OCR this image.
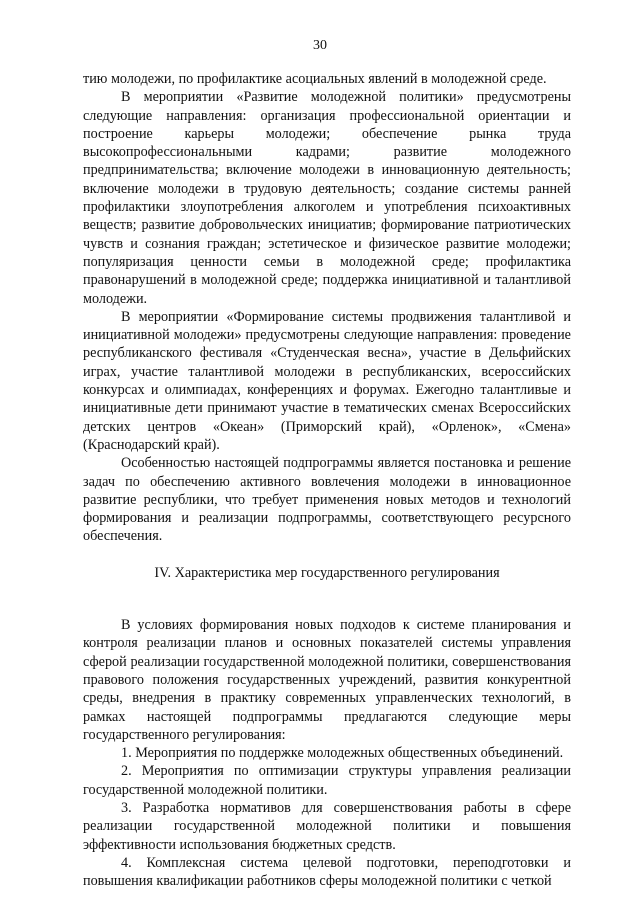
30

тию молодежи, по профилактике асоциальных явлений в молодежной среде.

В мероприятии «Развитие молодежной политики» предусмотрены следующие направления: организация профессиональной ориентации и построение карьеры молодежи; обеспечение рынка труда высокопрофессиональными кадрами; развитие молодежного предпринимательства; включение молодежи в инновационную деятельность; включение молодежи в трудовую деятельность; создание системы ранней профилактики злоупотребления алкоголем и употребления психоактивных веществ; развитие добровольческих инициатив; формирование патриотических чувств и сознания граждан; эстетическое и физическое развитие молодежи; популяризация ценности семьи в молодежной среде; профилактика правонарушений в молодежной среде; поддержка инициативной и талантливой молодежи.

В мероприятии «Формирование системы продвижения талантливой и инициативной молодежи» предусмотрены следующие направления: проведение республиканского фестиваля «Студенческая весна», участие в Дельфийских играх, участие талантливой молодежи в республиканских, всероссийских конкурсах и олимпиадах, конференциях и форумах. Ежегодно талантливые и инициативные дети принимают участие в тематических сменах Всероссийских детских центров «Океан» (Приморский край), «Орленок», «Смена» (Краснодарский край).

Особенностью настоящей подпрограммы является постановка и решение задач по обеспечению активного вовлечения молодежи в инновационное развитие республики, что требует применения новых методов и технологий формирования и реализации подпрограммы, соответствующего ресурсного обеспечения.

IV. Характеристика мер государственного регулирования

В условиях формирования новых подходов к системе планирования и контроля реализации планов и основных показателей системы управления сферой реализации государственной молодежной политики, совершенствования правового положения государственных учреждений, развития конкурентной среды, внедрения в практику современных управленческих технологий, в рамках настоящей подпрограммы предлагаются следующие меры государственного регулирования:

1. Мероприятия по поддержке молодежных общественных объединений.

2. Мероприятия по оптимизации структуры управления реализации государственной молодежной политики.

3. Разработка нормативов для совершенствования работы в сфере реализации государственной молодежной политики и повышения эффективности использования бюджетных средств.

4. Комплексная система целевой подготовки, переподготовки и повышения квалификации работников сферы молодежной политики с четкой
